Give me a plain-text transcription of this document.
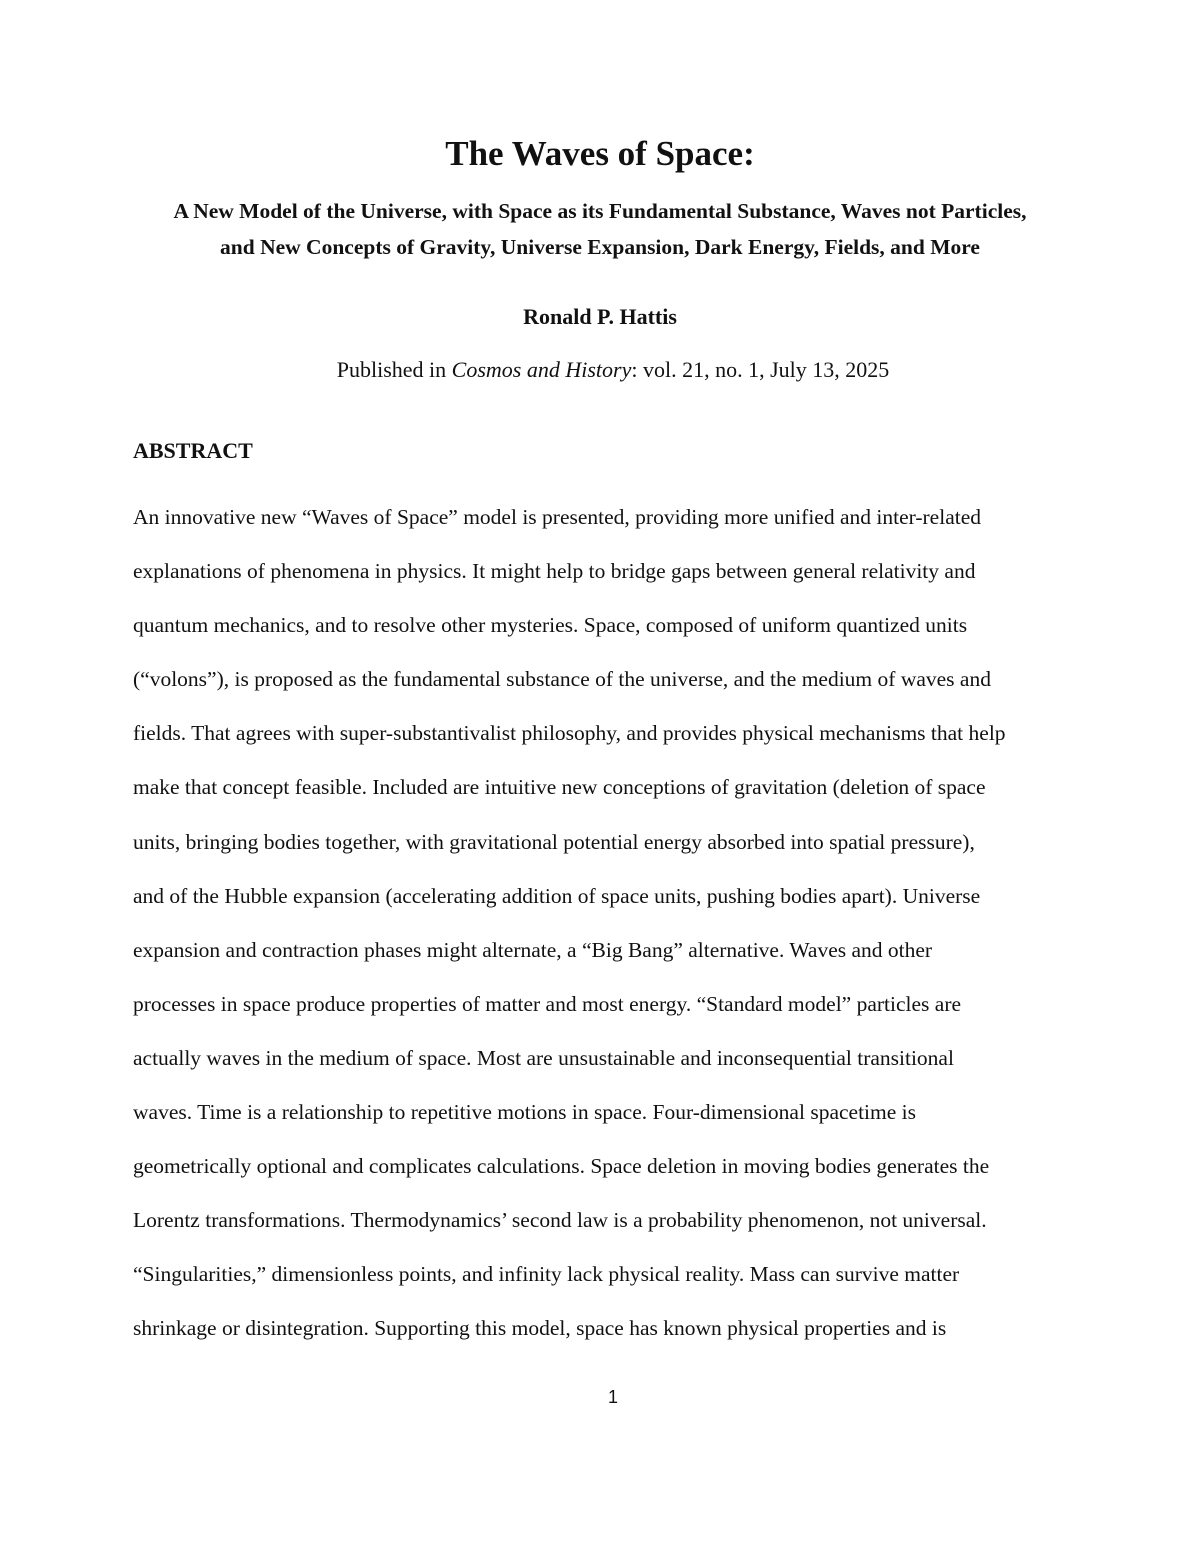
The Waves of Space:
A New Model of the Universe, with Space as its Fundamental Substance, Waves not Particles,
and New Concepts of Gravity, Universe Expansion, Dark Energy, Fields, and More

Ronald P. Hattis

Published in Cosmos and History: vol. 21, no. 1, July 13, 2025

ABSTRACT
An innovative new “Waves of Space” model is presented, providing more unified and inter-related
explanations of phenomena in physics. It might help to bridge gaps between general relativity and
quantum mechanics, and to resolve other mysteries. Space, composed of uniform quantized units
(“volons”), is proposed as the fundamental substance of the universe, and the medium of waves and
fields. That agrees with super-substantivalist philosophy, and provides physical mechanisms that help
make that concept feasible. Included are intuitive new conceptions of gravitation (deletion of space
units, bringing bodies together, with gravitational potential energy absorbed into spatial pressure),
and of the Hubble expansion (accelerating addition of space units, pushing bodies apart). Universe
expansion and contraction phases might alternate, a “Big Bang” alternative. Waves and other
processes in space produce properties of matter and most energy. “Standard model” particles are
actually waves in the medium of space. Most are unsustainable and inconsequential transitional
waves. Time is a relationship to repetitive motions in space. Four-dimensional spacetime is
geometrically optional and complicates calculations. Space deletion in moving bodies generates the
Lorentz transformations. Thermodynamics’ second law is a probability phenomenon, not universal.
“Singularities,” dimensionless points, and infinity lack physical reality. Mass can survive matter
shrinkage or disintegration. Supporting this model, space has known physical properties and is

1
